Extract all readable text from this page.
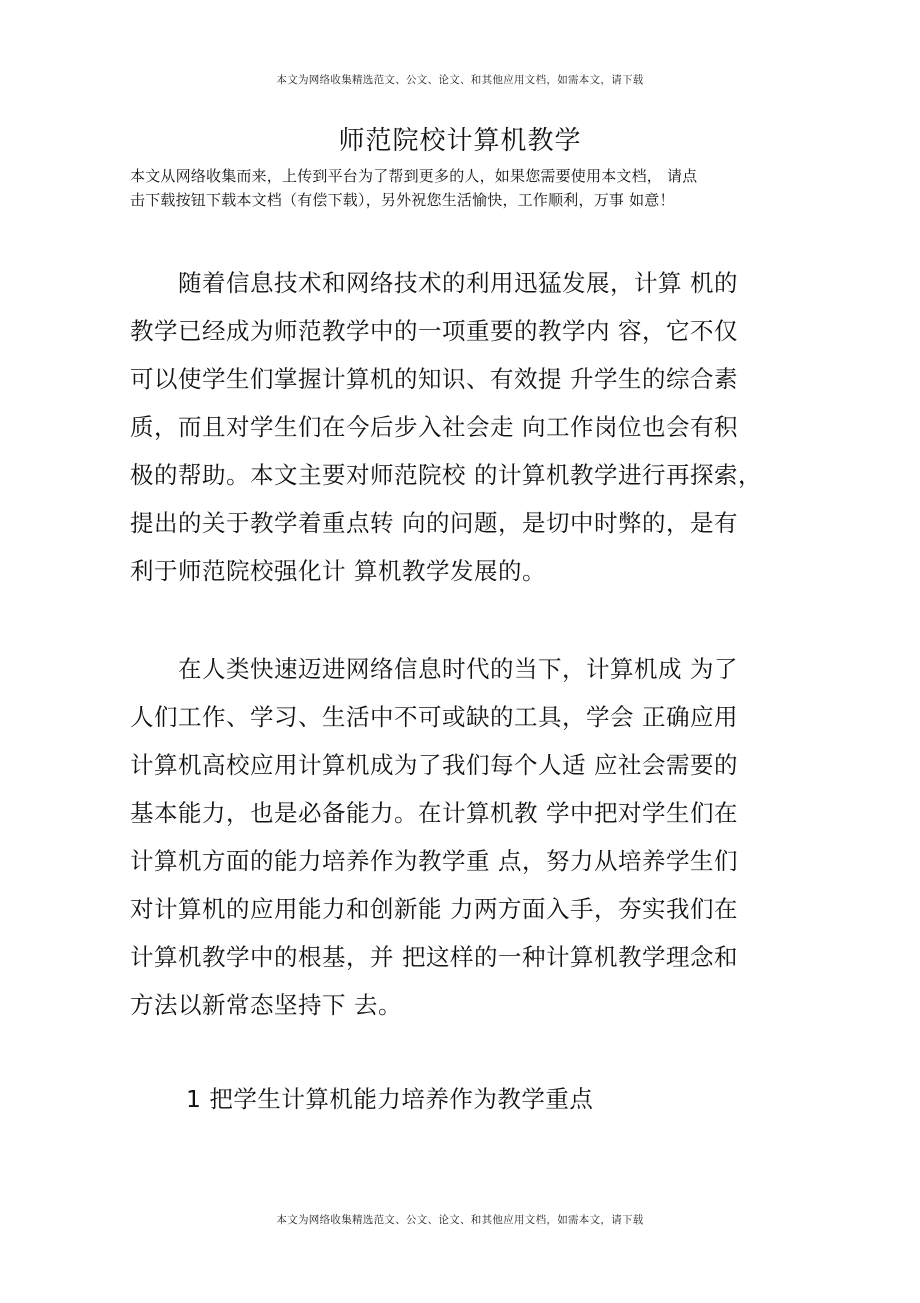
本文为网络收集精选范文、公文、论文、和其他应用文档，如需本文，请下载
师范院校计算机教学
本文从网络收集而来，上传到平台为了帮到更多的人，如果您需要使用本文档， 请点
击下载按钮下载本文档（有偿下载），另外祝您生活愉快，工作顺利，万事 如意！
　　随着信息技术和网络技术的利用迅猛发展，计算 机的
教学已经成为师范教学中的一项重要的教学内 容，它不仅
可以使学生们掌握计算机的知识、有效提 升学生的综合素
质，而且对学生们在今后步入社会走 向工作岗位也会有积
极的帮助。本文主要对师范院校 的计算机教学进行再探索，
提出的关于教学着重点转 向的问题，是切中时弊的，是有
利于师范院校强化计 算机教学发展的。
　　在人类快速迈进网络信息时代的当下，计算机成 为了
人们工作、学习、生活中不可或缺的工具，学会 正确应用
计算机高校应用计算机成为了我们每个人适 应社会需要的
基本能力，也是必备能力。在计算机教 学中把对学生们在
计算机方面的能力培养作为教学重 点，努力从培养学生们
对计算机的应用能力和创新能 力两方面入手，夯实我们在
计算机教学中的根基，并 把这样的一种计算机教学理念和
方法以新常态坚持下 去。
1 把学生计算机能力培养作为教学重点
本文为网络收集精选范文、公文、论文、和其他应用文档，如需本文，请下载
